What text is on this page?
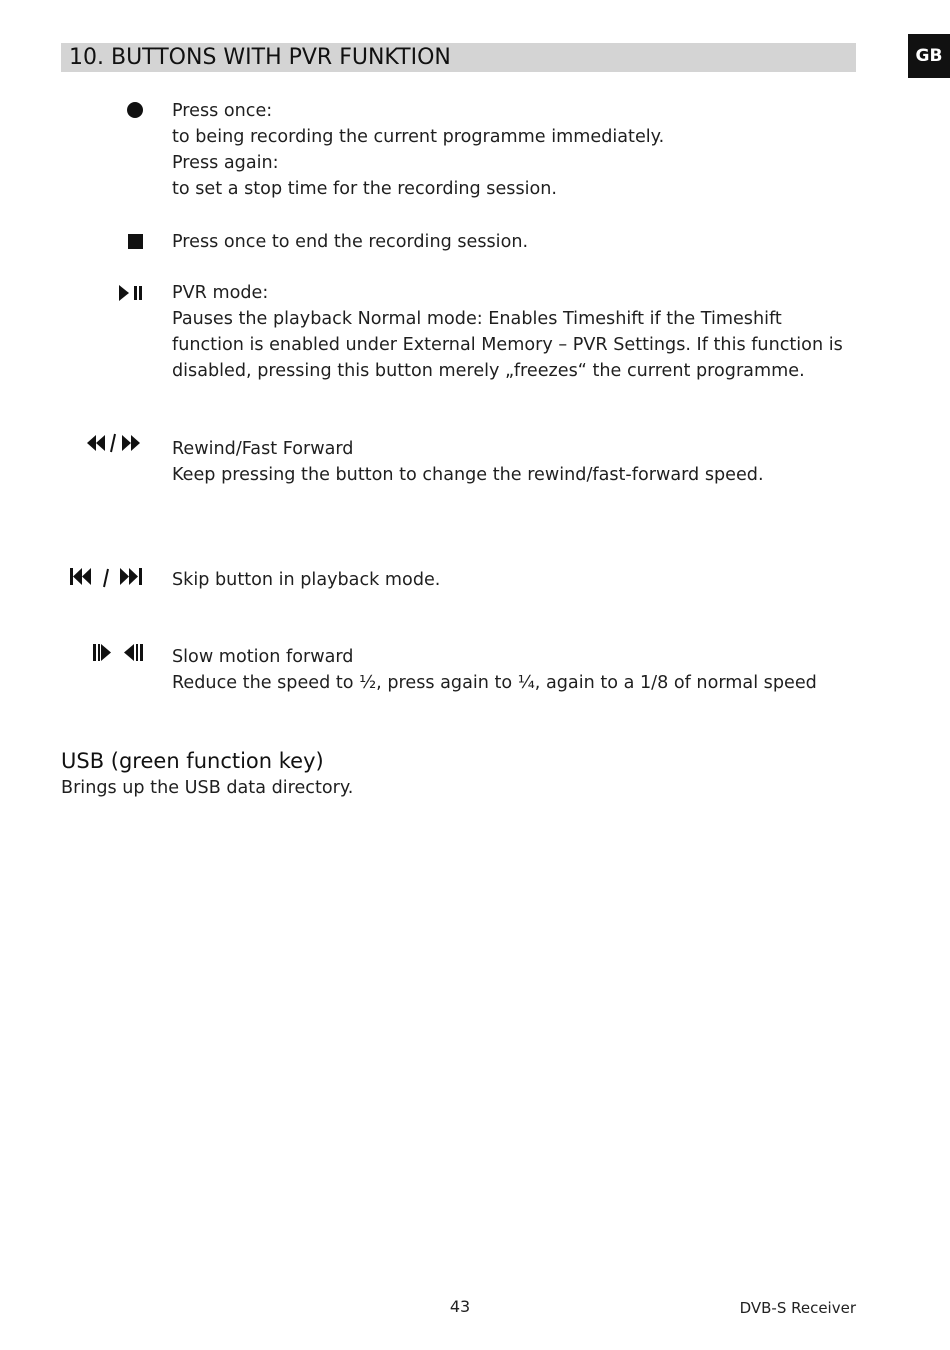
10. BUTTONS WITH PVR FUNKTION	GB
Press once:
to being recording the current programme immediately.
Press again:
to set a stop time for the recording session.
Press once to end the recording session.
PVR mode:
Pauses the playback Normal mode: Enables Timeshift if the Timeshift function is enabled under External Memory – PVR Settings. If this function is disabled, pressing this button merely „freezes“ the current programme.
Rewind/Fast Forward
Keep pressing the button to change the rewind/fast-forward speed.
Skip button in playback mode.
Slow motion forward
Reduce the speed to ½, press again to ¼, again to a 1/8 of normal speed
USB (green function key)
Brings up the USB data directory.
43	DVB-S Receiver
